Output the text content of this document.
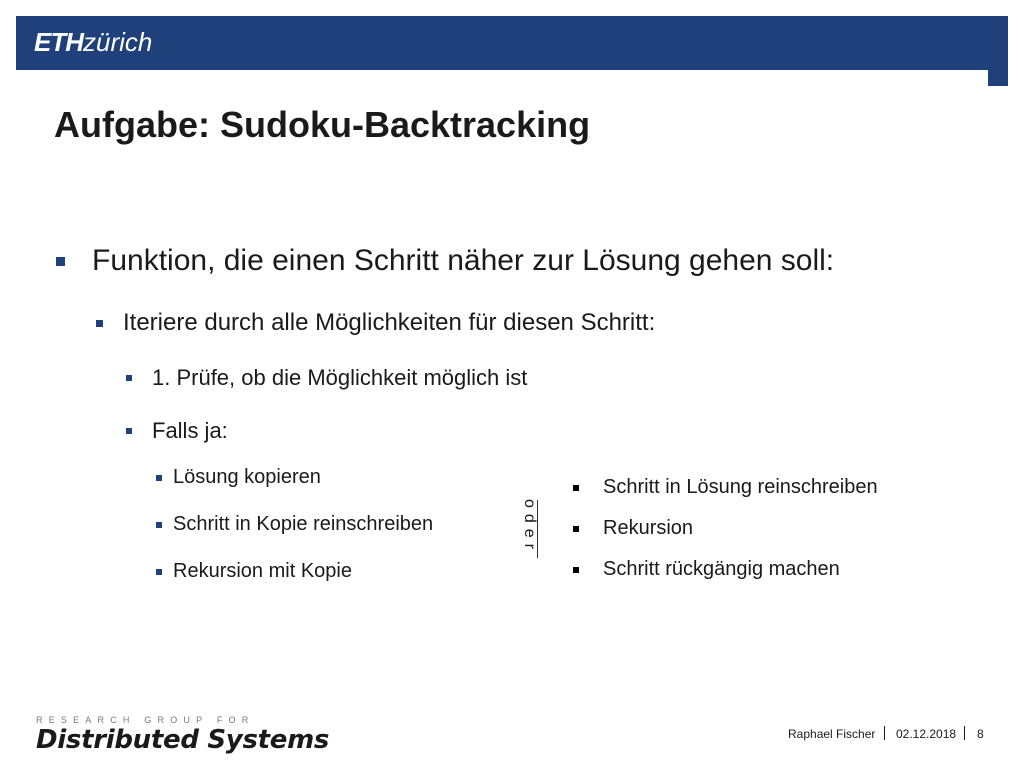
ETHzürich
Aufgabe: Sudoku-Backtracking
Funktion, die einen Schritt näher zur Lösung gehen soll:
Iteriere durch alle Möglichkeiten für diesen Schritt:
1. Prüfe, ob die Möglichkeit möglich ist
Falls ja:
Lösung kopieren
Schritt in Kopie reinschreiben
Rekursion mit Kopie
oder
Schritt in Lösung reinschreiben
Rekursion
Schritt rückgängig machen
RESEARCH GROUP FOR
Distributed Systems	Raphael Fischer 02.12.2018 8
